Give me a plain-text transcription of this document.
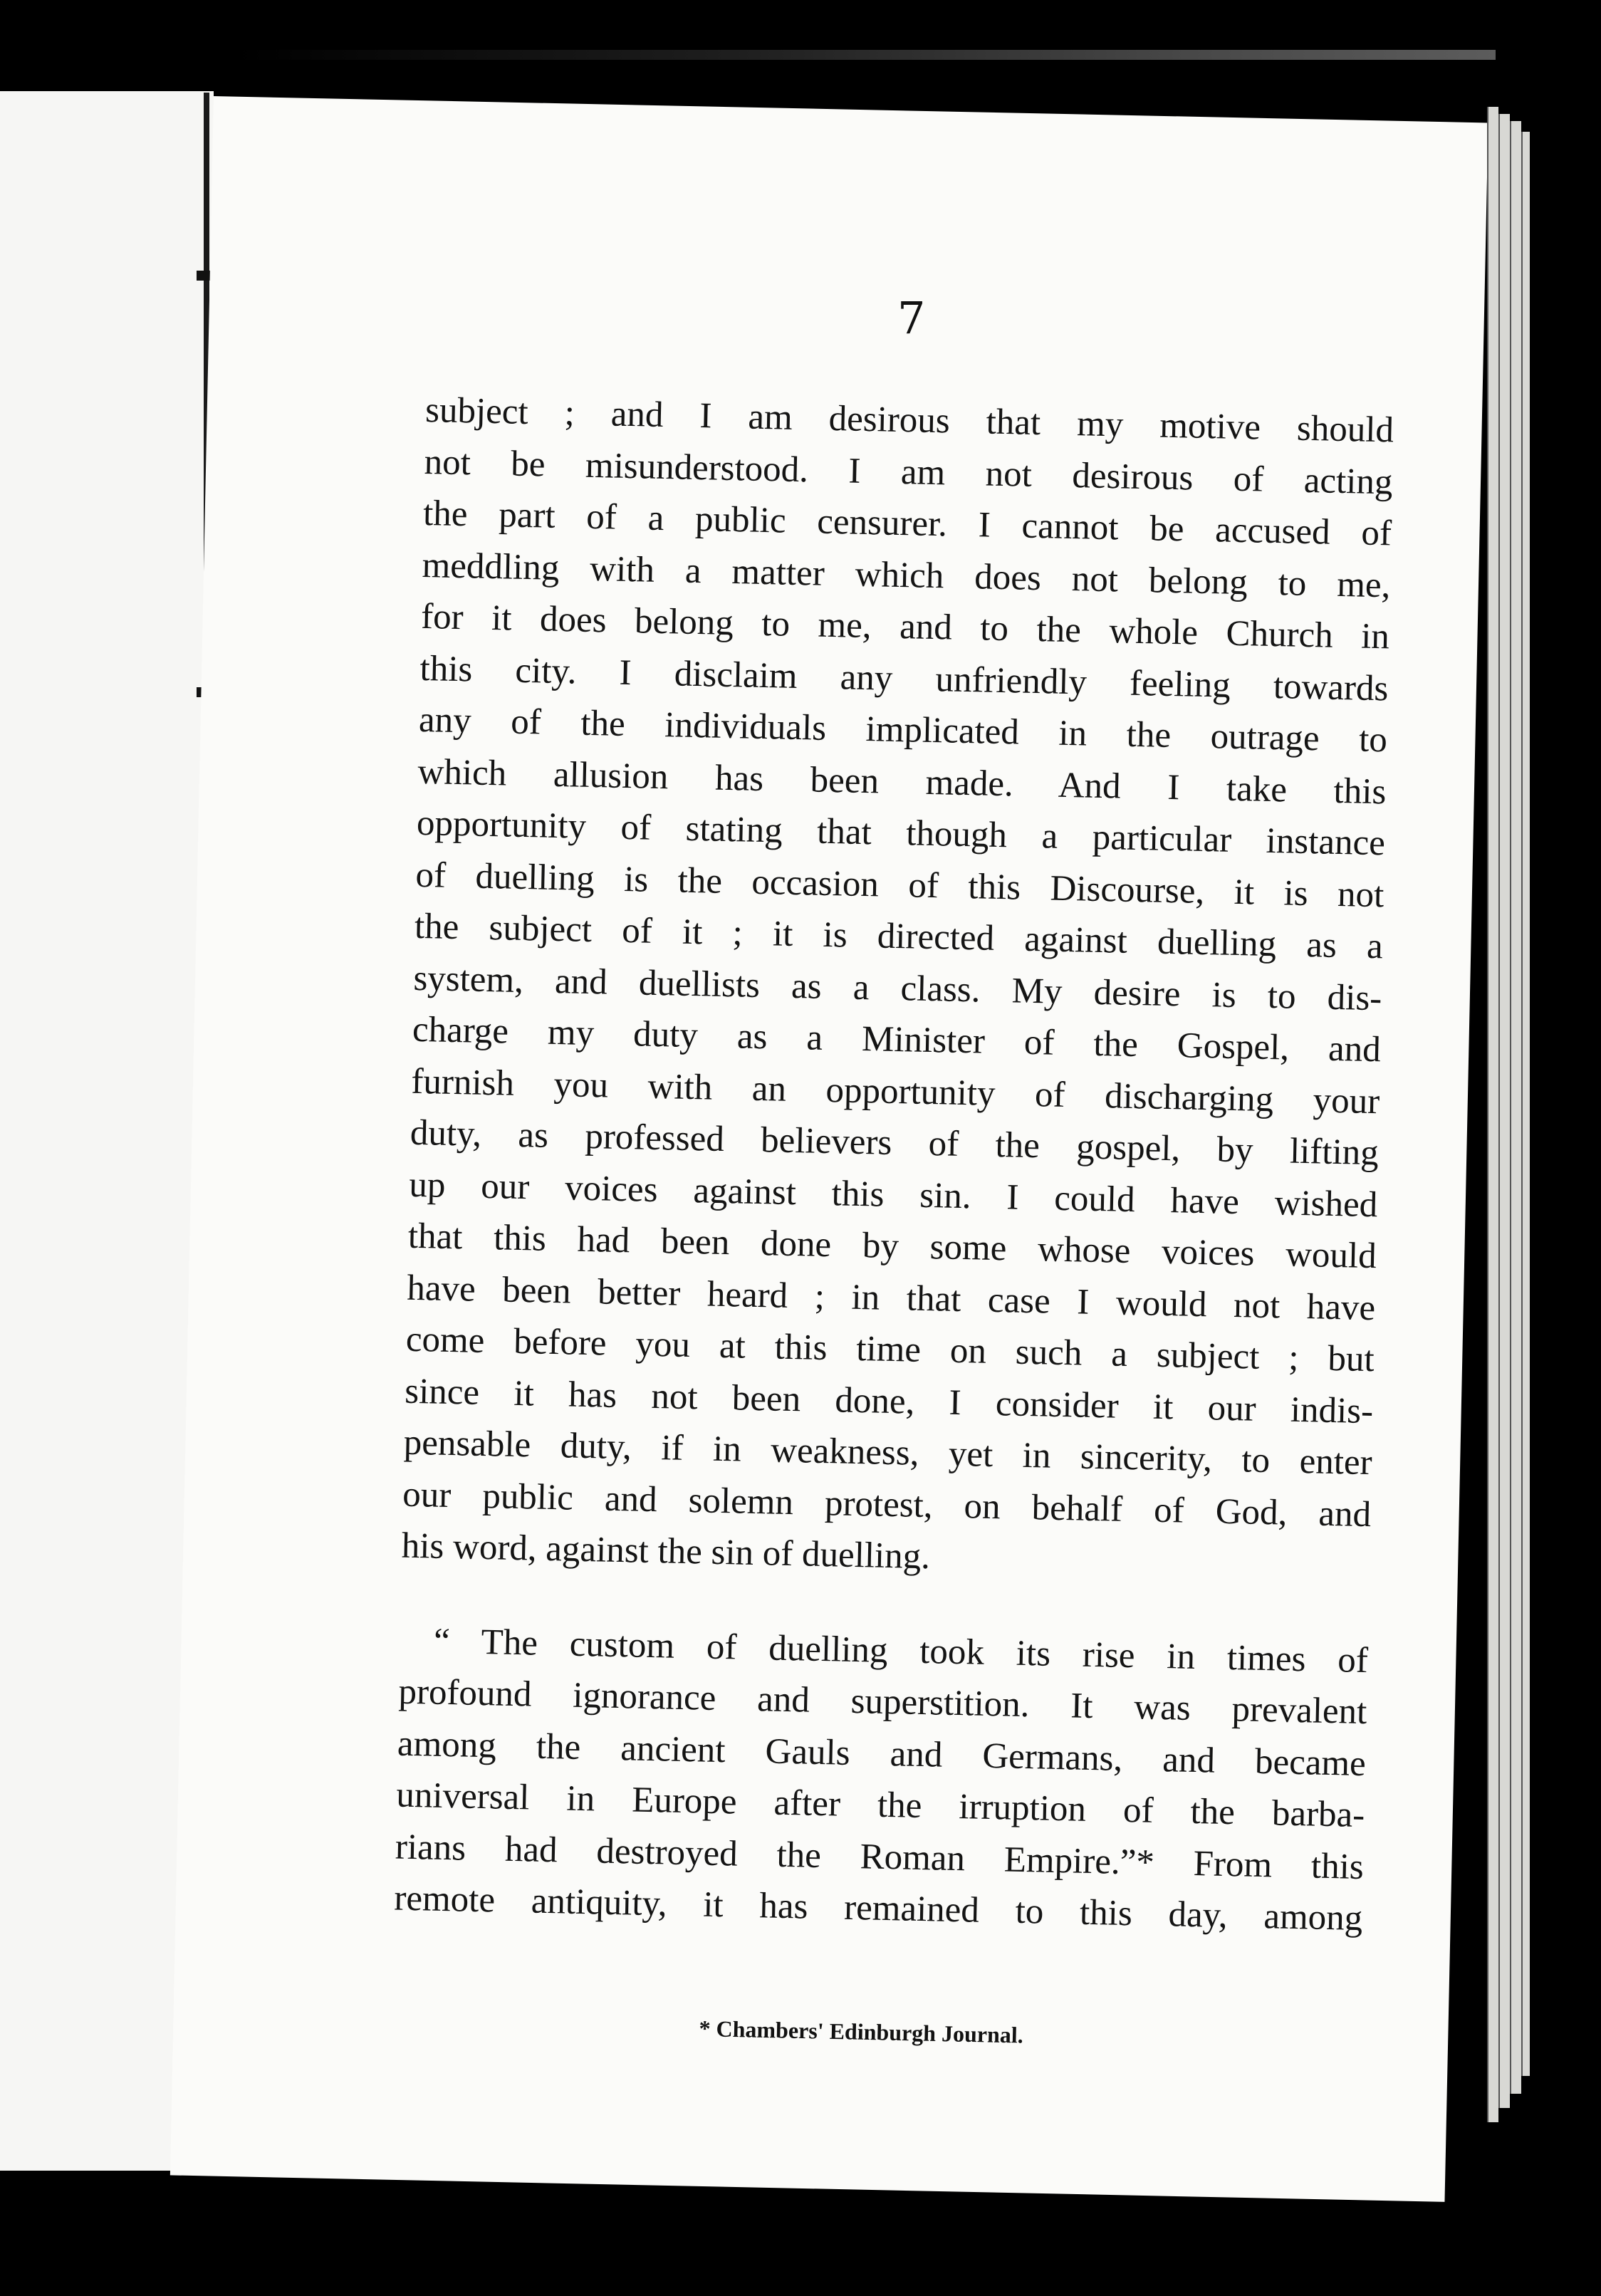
7
subject ; and I am desirous that my motive should
not be misunderstood. I am not desirous of acting
the part of a public censurer. I cannot be accused of
meddling with a matter which does not belong to me,
for it does belong to me, and to the whole Church in
this city. I disclaim any unfriendly feeling towards
any of the individuals implicated in the outrage to
which allusion has been made. And I take this
opportunity of stating that though a particular instance
of duelling is the occasion of this Discourse, it is not
the subject of it ; it is directed against duelling as a
system, and duellists as a class. My desire is to dis-
charge my duty as a Minister of the Gospel, and
furnish you with an opportunity of discharging your
duty, as professed believers of the gospel, by lifting
up our voices against this sin. I could have wished
that this had been done by some whose voices would
have been better heard ; in that case I would not have
come before you at this time on such a subject ; but
since it has not been done, I consider it our indis-
pensable duty, if in weakness, yet in sincerity, to enter
our public and solemn protest, on behalf of God, and
his word, against the sin of duelling.
“ The custom of duelling took its rise in times of
profound ignorance and superstition. It was prevalent
among the ancient Gauls and Germans, and became
universal in Europe after the irruption of the barba-
rians had destroyed the Roman Empire.”* From this
remote antiquity, it has remained to this day, among
* Chambers' Edinburgh Journal.
